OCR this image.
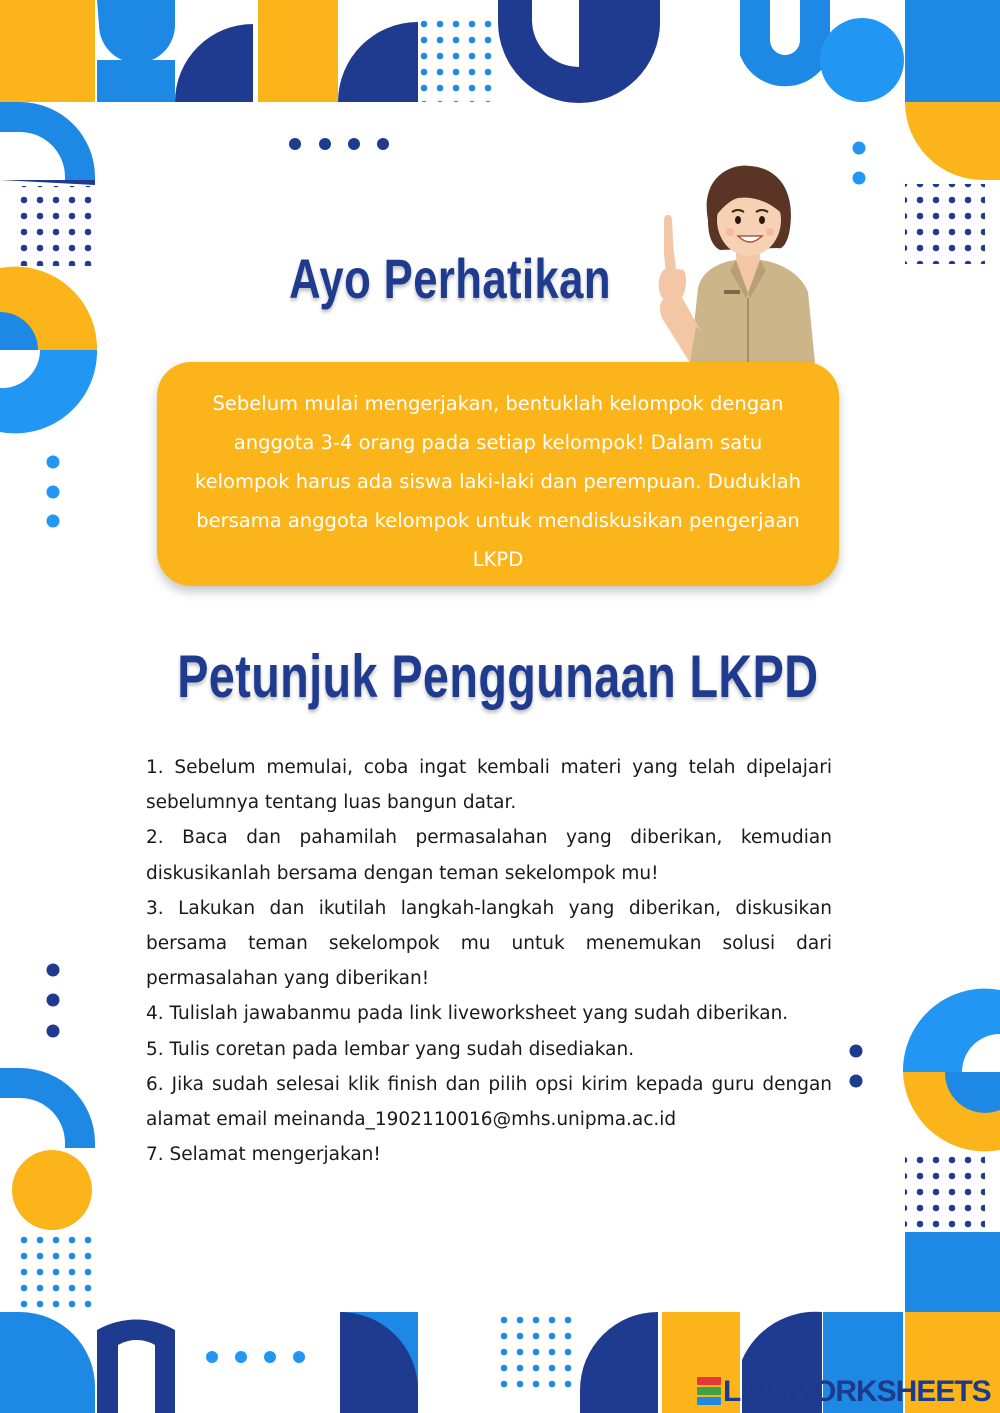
Ayo Perhatikan
Sebelum mulai mengerjakan, bentuklah kelompok dengan anggota 3-4 orang pada setiap kelompok! Dalam satu kelompok harus ada siswa laki-laki dan perempuan. Duduklah bersama anggota kelompok untuk mendiskusikan pengerjaan LKPD
Petunjuk Penggunaan LKPD

1. Sebelum memulai, coba ingat kembali materi yang telah dipelajari sebelumnya tentang luas bangun datar.

2. Baca dan pahamilah permasalahan yang diberikan, kemudian diskusikanlah bersama dengan teman sekelompok mu!

3. Lakukan dan ikutilah langkah-langkah yang diberikan, diskusikan bersama teman sekelompok mu untuk menemukan solusi dari permasalahan yang diberikan!

4. Tulislah jawabanmu pada link liveworksheet yang sudah diberikan.

5. Tulis coretan pada lembar yang sudah disediakan.

6. Jika sudah selesai klik finish dan pilih opsi kirim kepada guru dengan alamat email meinanda_1902110016@mhs.unipma.ac.id

7. Selamat mengerjakan!

LIVEWORKSHEETS
